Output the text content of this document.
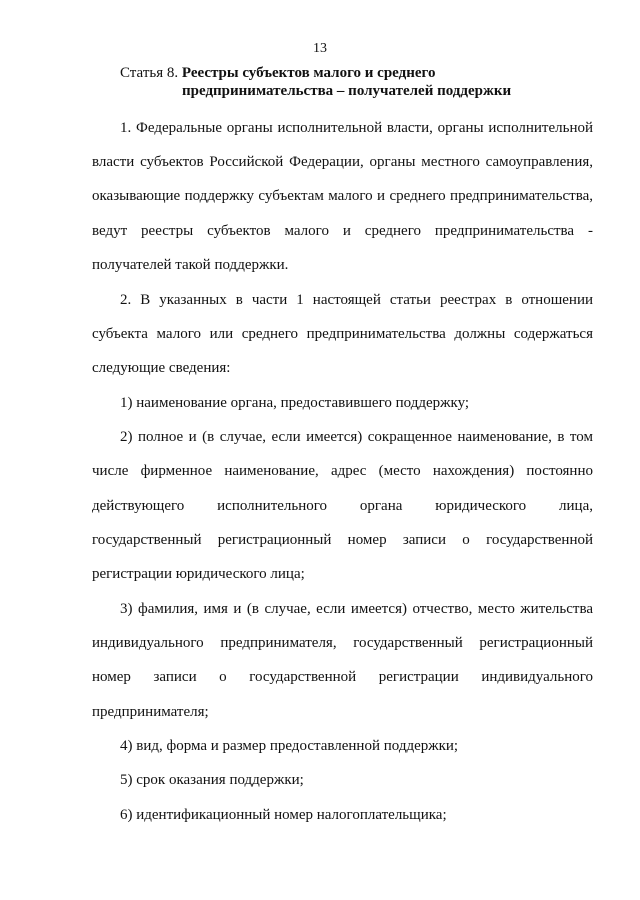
13
Статья 8. Реестры субъектов малого и среднего
предпринимательства – получателей поддержки
1. Федеральные органы исполнительной власти, органы исполнительной
власти субъектов Российской Федерации, органы местного самоуправления,
оказывающие поддержку субъектам малого и среднего предпринимательства,
ведут реестры субъектов малого и среднего предпринимательства -
получателей такой поддержки.
2. В указанных в части 1 настоящей статьи реестрах в отношении
субъекта малого или среднего предпринимательства должны содержаться
следующие сведения:
1) наименование органа, предоставившего поддержку;
2) полное и (в случае, если имеется) сокращенное наименование, в том
числе фирменное наименование, адрес (место нахождения) постоянно
действующего исполнительного органа юридического лица,
государственный регистрационный номер записи о государственной
регистрации юридического лица;
3) фамилия, имя и (в случае, если имеется) отчество, место жительства
индивидуального предпринимателя, государственный регистрационный
номер записи о государственной регистрации индивидуального
предпринимателя;
4) вид, форма и размер предоставленной поддержки;
5) срок оказания поддержки;
6) идентификационный номер налогоплательщика;
